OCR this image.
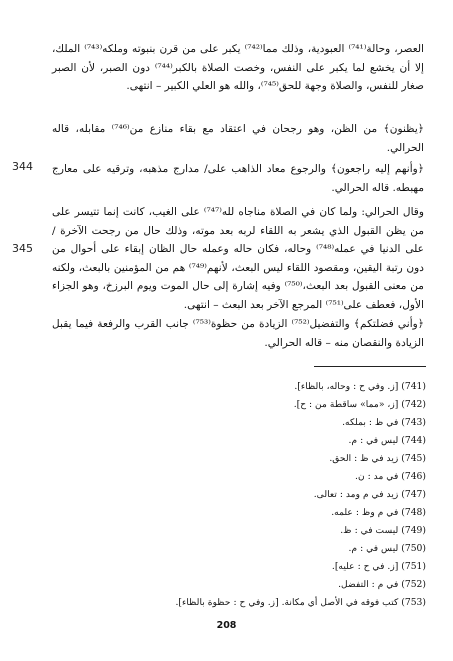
العصر، وحالة⁽⁷⁴¹⁾ العبودية، وذلك مما⁽⁷⁴²⁾ يكبر على من قرن بنبوته وملكه⁽⁷⁴³⁾ الملك، إلا أن يخشع لما يكبر على النفس، وخصت الصلاة بالكبر⁽⁷⁴⁴⁾ دون الصبر، لأن الصبر صغار للنفس، والصلاة وجهة للحق⁽⁷⁴⁵⁾، والله هو العلي الكبير – انتهى.
﴿يظنون﴾ من الظن، وهو رجحان في اعتقاد مع بقاء منازع من⁽⁷⁴⁶⁾ مقابله، قاله الحرالي.
﴿وأنهم إليه راجعون﴾ والرجوع معاد الذاهب على/ مدارج مذهبه، وترقيه على معارج مهبطه. قاله الحرالي.
وقال الحرالي: ولما كان في الصلاة مناجاه لله⁽⁷⁴⁷⁾ على الغيب، كانت إنما تتيسر على من يظن القبول الذي يشعر به اللقاء لربه بعد موته، وذلك حال من رجحت الآخرة / على الدنيا في عمله⁽⁷⁴⁸⁾ وحاله، فكان حاله وعمله حال الظان إبقاء على أحوال من دون رتبة اليقين، ومقصود اللقاء ليس البعث، لأنهم⁽⁷⁴⁹⁾ هم من المؤمنين بالبعث، ولكنه من معنى القبول بعد البعث،⁽⁷⁵⁰⁾ وفيه إشارة إلى حال الموت ويوم البرزخ، وهو الجزاء الأول، فعطف على⁽⁷⁵¹⁾ المرجع الآخر بعد البعث – انتهى.
﴿وأني فضلتكم﴾ والتفضيل⁽⁷⁵²⁾ الزيادة من حظوة⁽⁷⁵³⁾ جانب القرب والرفعة فيما يقبل الزيادة والنقصان منه – قاله الحرالي.
344
345
(741) [ز. وفي ح : وحاله، بالظاء].
(742) [ز، «مما» ساقطة من : ح].
(743) في ظ : بملكه.
(744) ليس في : م.
(745) زيد في ظ : الحق.
(746) في مد : ن.
(747) زيد في م ومد : تعالى.
(748) في م وظ : علمه.
(749) ليست في : ظ.
(750) ليس في : م.
(751) [ز. في ح : عليه].
(752) في م : التفضل.
(753) كتب فوقه في الأصل أي مكانة. [ز. وفي ح : حظوة بالظاء].
208
